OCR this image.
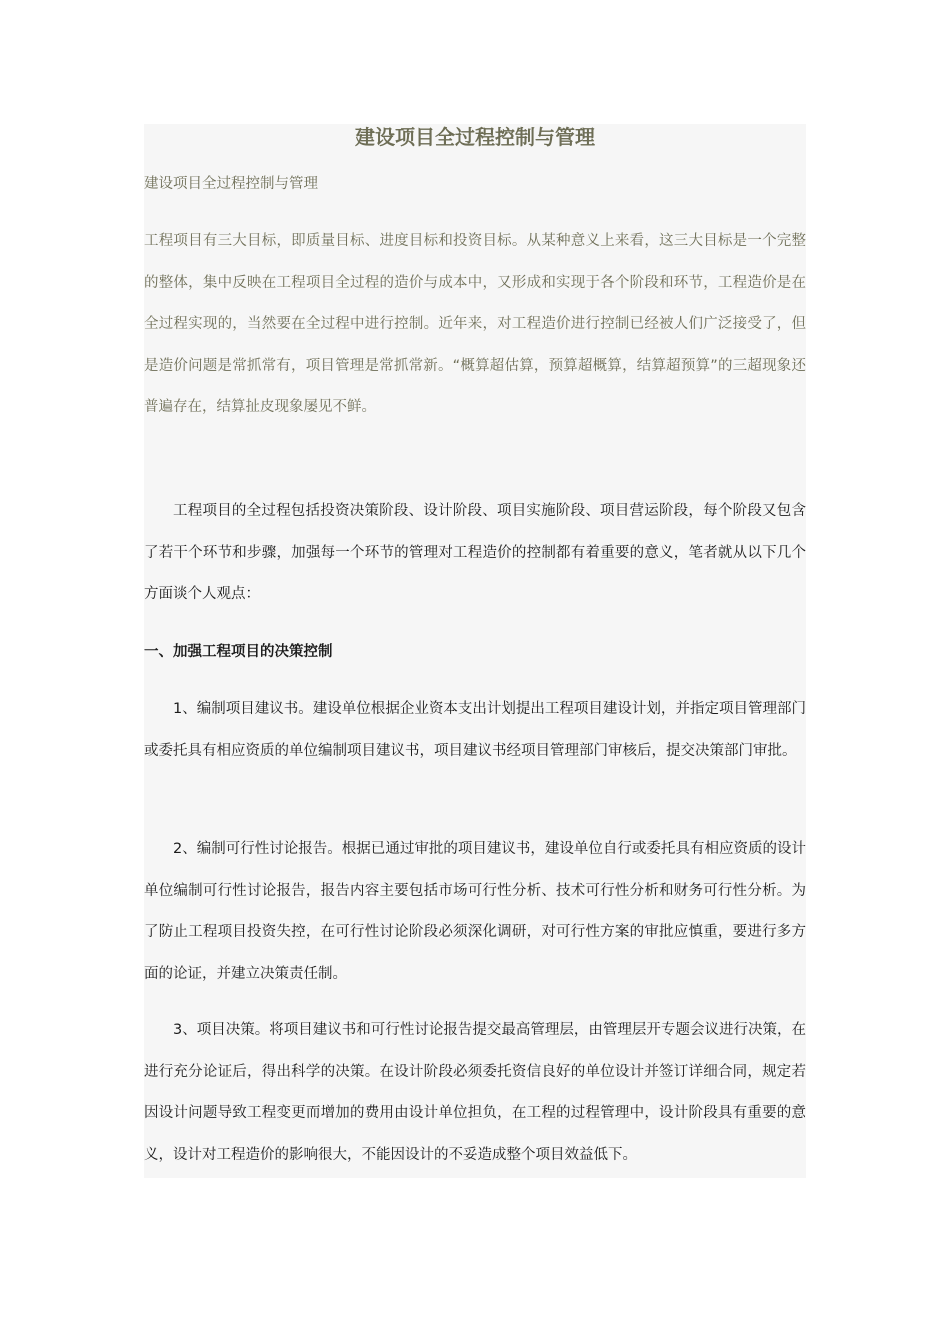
建设项目全过程控制与管理

建设项目全过程控制与管理

工程项目有三大目标，即质量目标、进度目标和投资目标。从某种意义上来看，这三大目标是一个完整的整体，集中反映在工程项目全过程的造价与成本中，又形成和实现于各个阶段和环节，工程造价是在全过程实现的，当然要在全过程中进行控制。近年来，对工程造价进行控制已经被人们广泛接受了，但是造价问题是常抓常有，项目管理是常抓常新。“概算超估算，预算超概算，结算超预算”的三超现象还普遍存在，结算扯皮现象屡见不鲜。

工程项目的全过程包括投资决策阶段、设计阶段、项目实施阶段、项目营运阶段，每个阶段又包含了若干个环节和步骤，加强每一个环节的管理对工程造价的控制都有着重要的意义，笔者就从以下几个方面谈个人观点：

一、加强工程项目的决策控制

1、编制项目建议书。建设单位根据企业资本支出计划提出工程项目建设计划，并指定项目管理部门或委托具有相应资质的单位编制项目建议书，项目建议书经项目管理部门审核后，提交决策部门审批。

2、编制可行性讨论报告。根据已通过审批的项目建议书，建设单位自行或委托具有相应资质的设计单位编制可行性讨论报告，报告内容主要包括市场可行性分析、技术可行性分析和财务可行性分析。为了防止工程项目投资失控，在可行性讨论阶段必须深化调研，对可行性方案的审批应慎重，要进行多方面的论证，并建立决策责任制。

3、项目决策。将项目建议书和可行性讨论报告提交最高管理层，由管理层开专题会议进行决策，在进行充分论证后，得出科学的决策。在设计阶段必须委托资信良好的单位设计并签订详细合同，规定若因设计问题导致工程变更而增加的费用由设计单位担负，在工程的过程管理中，设计阶段具有重要的意义，设计对工程造价的影响很大，不能因设计的不妥造成整个项目效益低下。
